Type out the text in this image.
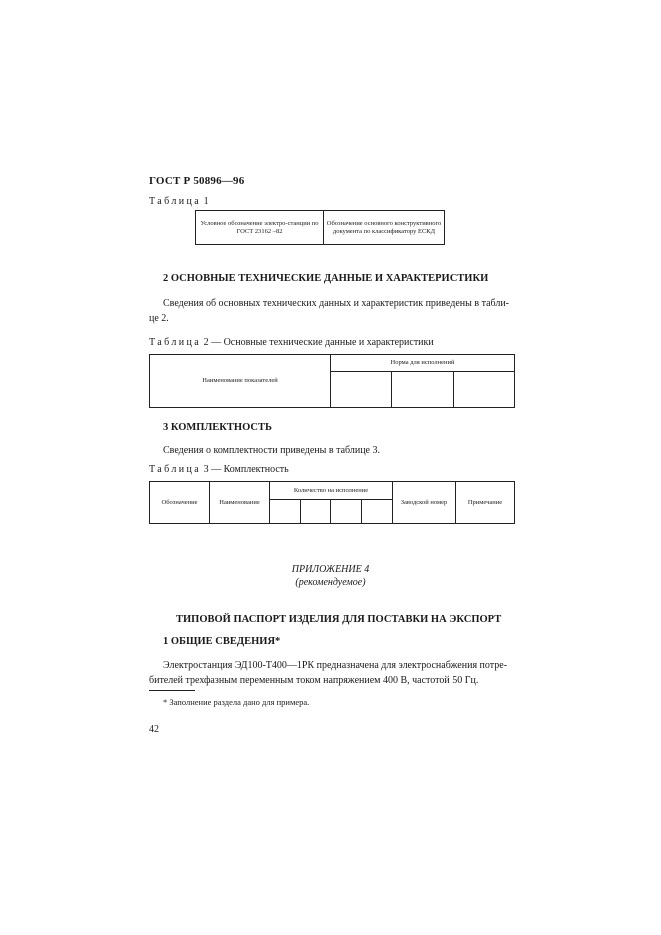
ГОСТ Р 50896—96
Таблица 1
Условное обозначение электро-станции по ГОСТ 23162 –82	Обозначение основного конструктивного документа по классификатору ЕСКД
2 ОСНОВНЫЕ ТЕХНИЧЕСКИЕ ДАННЫЕ И ХАРАКТЕРИСТИКИ
Сведения об основных технических данных и характеристик приведены в табли-
це 2.
Таблица 2 — Основные технические данные и характеристики
Наименование показателей	Норма для исполнений		

3 КОМПЛЕКТНОСТЬ
Сведения о комплектности приведены в таблице 3.
Таблица 3 — Комплектность
Обозначение	Наименование	Количество на исполнение				Заводской номер	Примечание

ПРИЛОЖЕНИЕ 4
(рекомендуемое)
ТИПОВОЙ ПАСПОРТ ИЗДЕЛИЯ ДЛЯ ПОСТАВКИ НА ЭКСПОРТ
1 ОБЩИЕ СВЕДЕНИЯ*
Электростанция ЭД100-Т400—1РК предназначена для электроснабжения потре-
бителей трехфазным переменным током напряжением 400 В, частотой 50 Гц.
* Заполнение раздела дано для примера.
42
